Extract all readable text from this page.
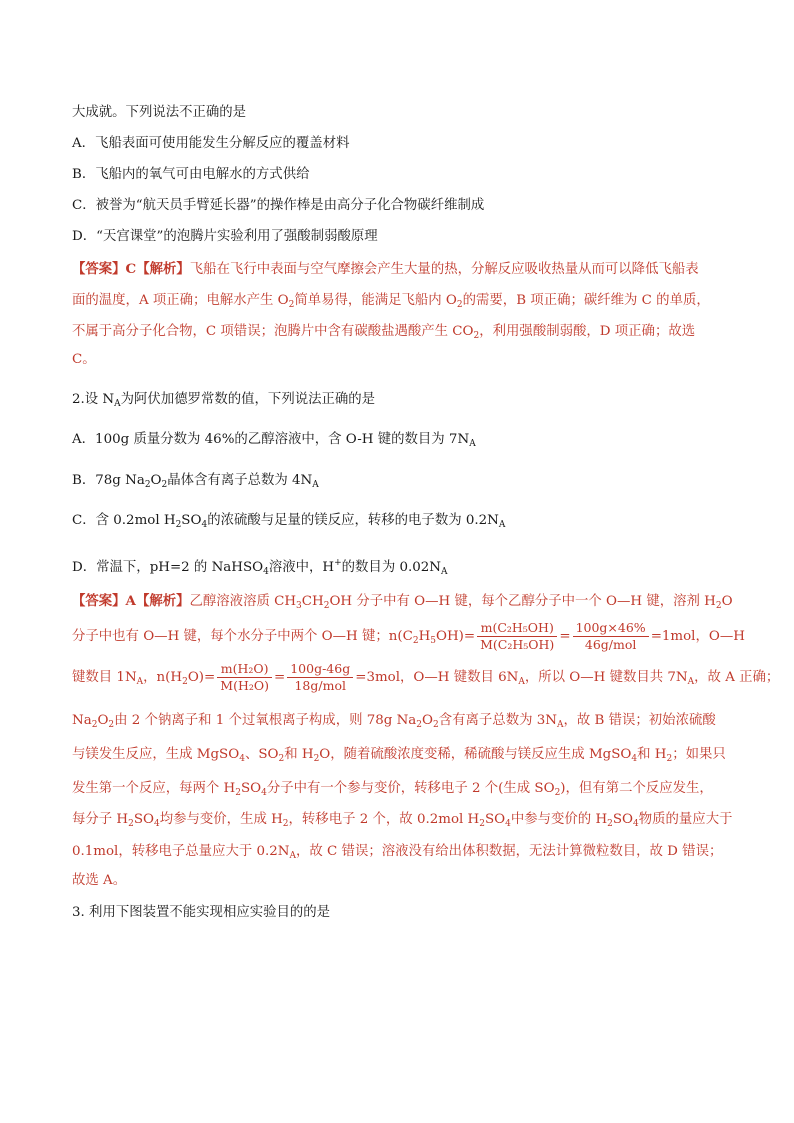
大成就。下列说法不正确的是
A．飞船表面可使用能发生分解反应的覆盖材料
B．飞船内的氧气可由电解水的方式供给
C．被誉为“航天员手臂延长器”的操作棒是由高分子化合物碳纤维制成
D．“天宫课堂”的泡腾片实验利用了强酸制弱酸原理
【答案】C【解析】飞船在飞行中表面与空气摩擦会产生大量的热，分解反应吸收热量从而可以降低飞船表
面的温度，A 项正确；电解水产生 $O_2$简单易得，能满足飞船内 $O_2$的需要，B 项正确；碳纤维为 C 的单质，
不属于高分子化合物，C 项错误；泡腾片中含有碳酸盐遇酸产生 $CO_2$，利用强酸制弱酸，D 项正确；故选
C。
2.设 $N_A$为阿伏加德罗常数的值，下列说法正确的是
A．100g 质量分数为 46%的乙醇溶液中，含 O-H 键的数目为 $7N_A$
B．78g $Na_2O_2$晶体含有离子总数为 $4N_A$
C．含 0.2mol $H_2SO_4$的浓硫酸与足量的镁反应，转移的电子数为 $0.2N_A$
D．常温下，pH=2 的 NaHSO$_4$溶液中，H+的数目为 $0.02N_A$
【答案】A【解析】乙醇溶液溶质 $CH_3CH_2OH$ 分子中有 O—H 键，每个乙醇分子中一个 O—H 键，溶剂 $H_2O$
分子中也有 O—H 键，每个水分子中两个 O—H 键；$n(C_2H_5OH)= \frac{\text{m(C₂H₅OH)}}{\text{M(C₂H₅OH)}} = \frac{100g\times 46\%}{\text{46g/mol}} =1mol$，O—H
键数目 $1N_A$，$n(H_2O)= \frac{\text{m(H₂O)}}{\text{M(H₂O)}} = \frac{100g-46g}{\text{18g/mol}} =3mol$，O—H 键数目 $6N_A$，所以 O—H 键数目共 $7N_A$，故 A 正确；
$Na_2O_2$由 2 个钠离子和 1 个过氧根离子构成，则 78g $Na_2O_2$含有离子总数为 $3N_A$，故 B 错误；初始浓硫酸
与镁发生反应，生成 MgSO$_4$、$SO_2$和 $H_2O$，随着硫酸浓度变稀，稀硫酸与镁反应生成 MgSO$_4$和 $H_2$；如果只
发生第一个反应，每两个 $H_2SO_4$分子中有一个参与变价，转移电子 2 个(生成 $SO_2$)，但有第二个反应发生，
每分子 $H_2SO_4$均参与变价，生成 $H_2$，转移电子 2 个，故 0.2mol $H_2SO_4$中参与变价的 $H_2SO_4$物质的量应大于
0.1mol，转移电子总量应大于 $0.2N_A$，故 C 错误；溶液没有给出体积数据，无法计算微粒数目，故 D 错误；
故选 A。
3. 利用下图装置不能实现相应实验目的的是
